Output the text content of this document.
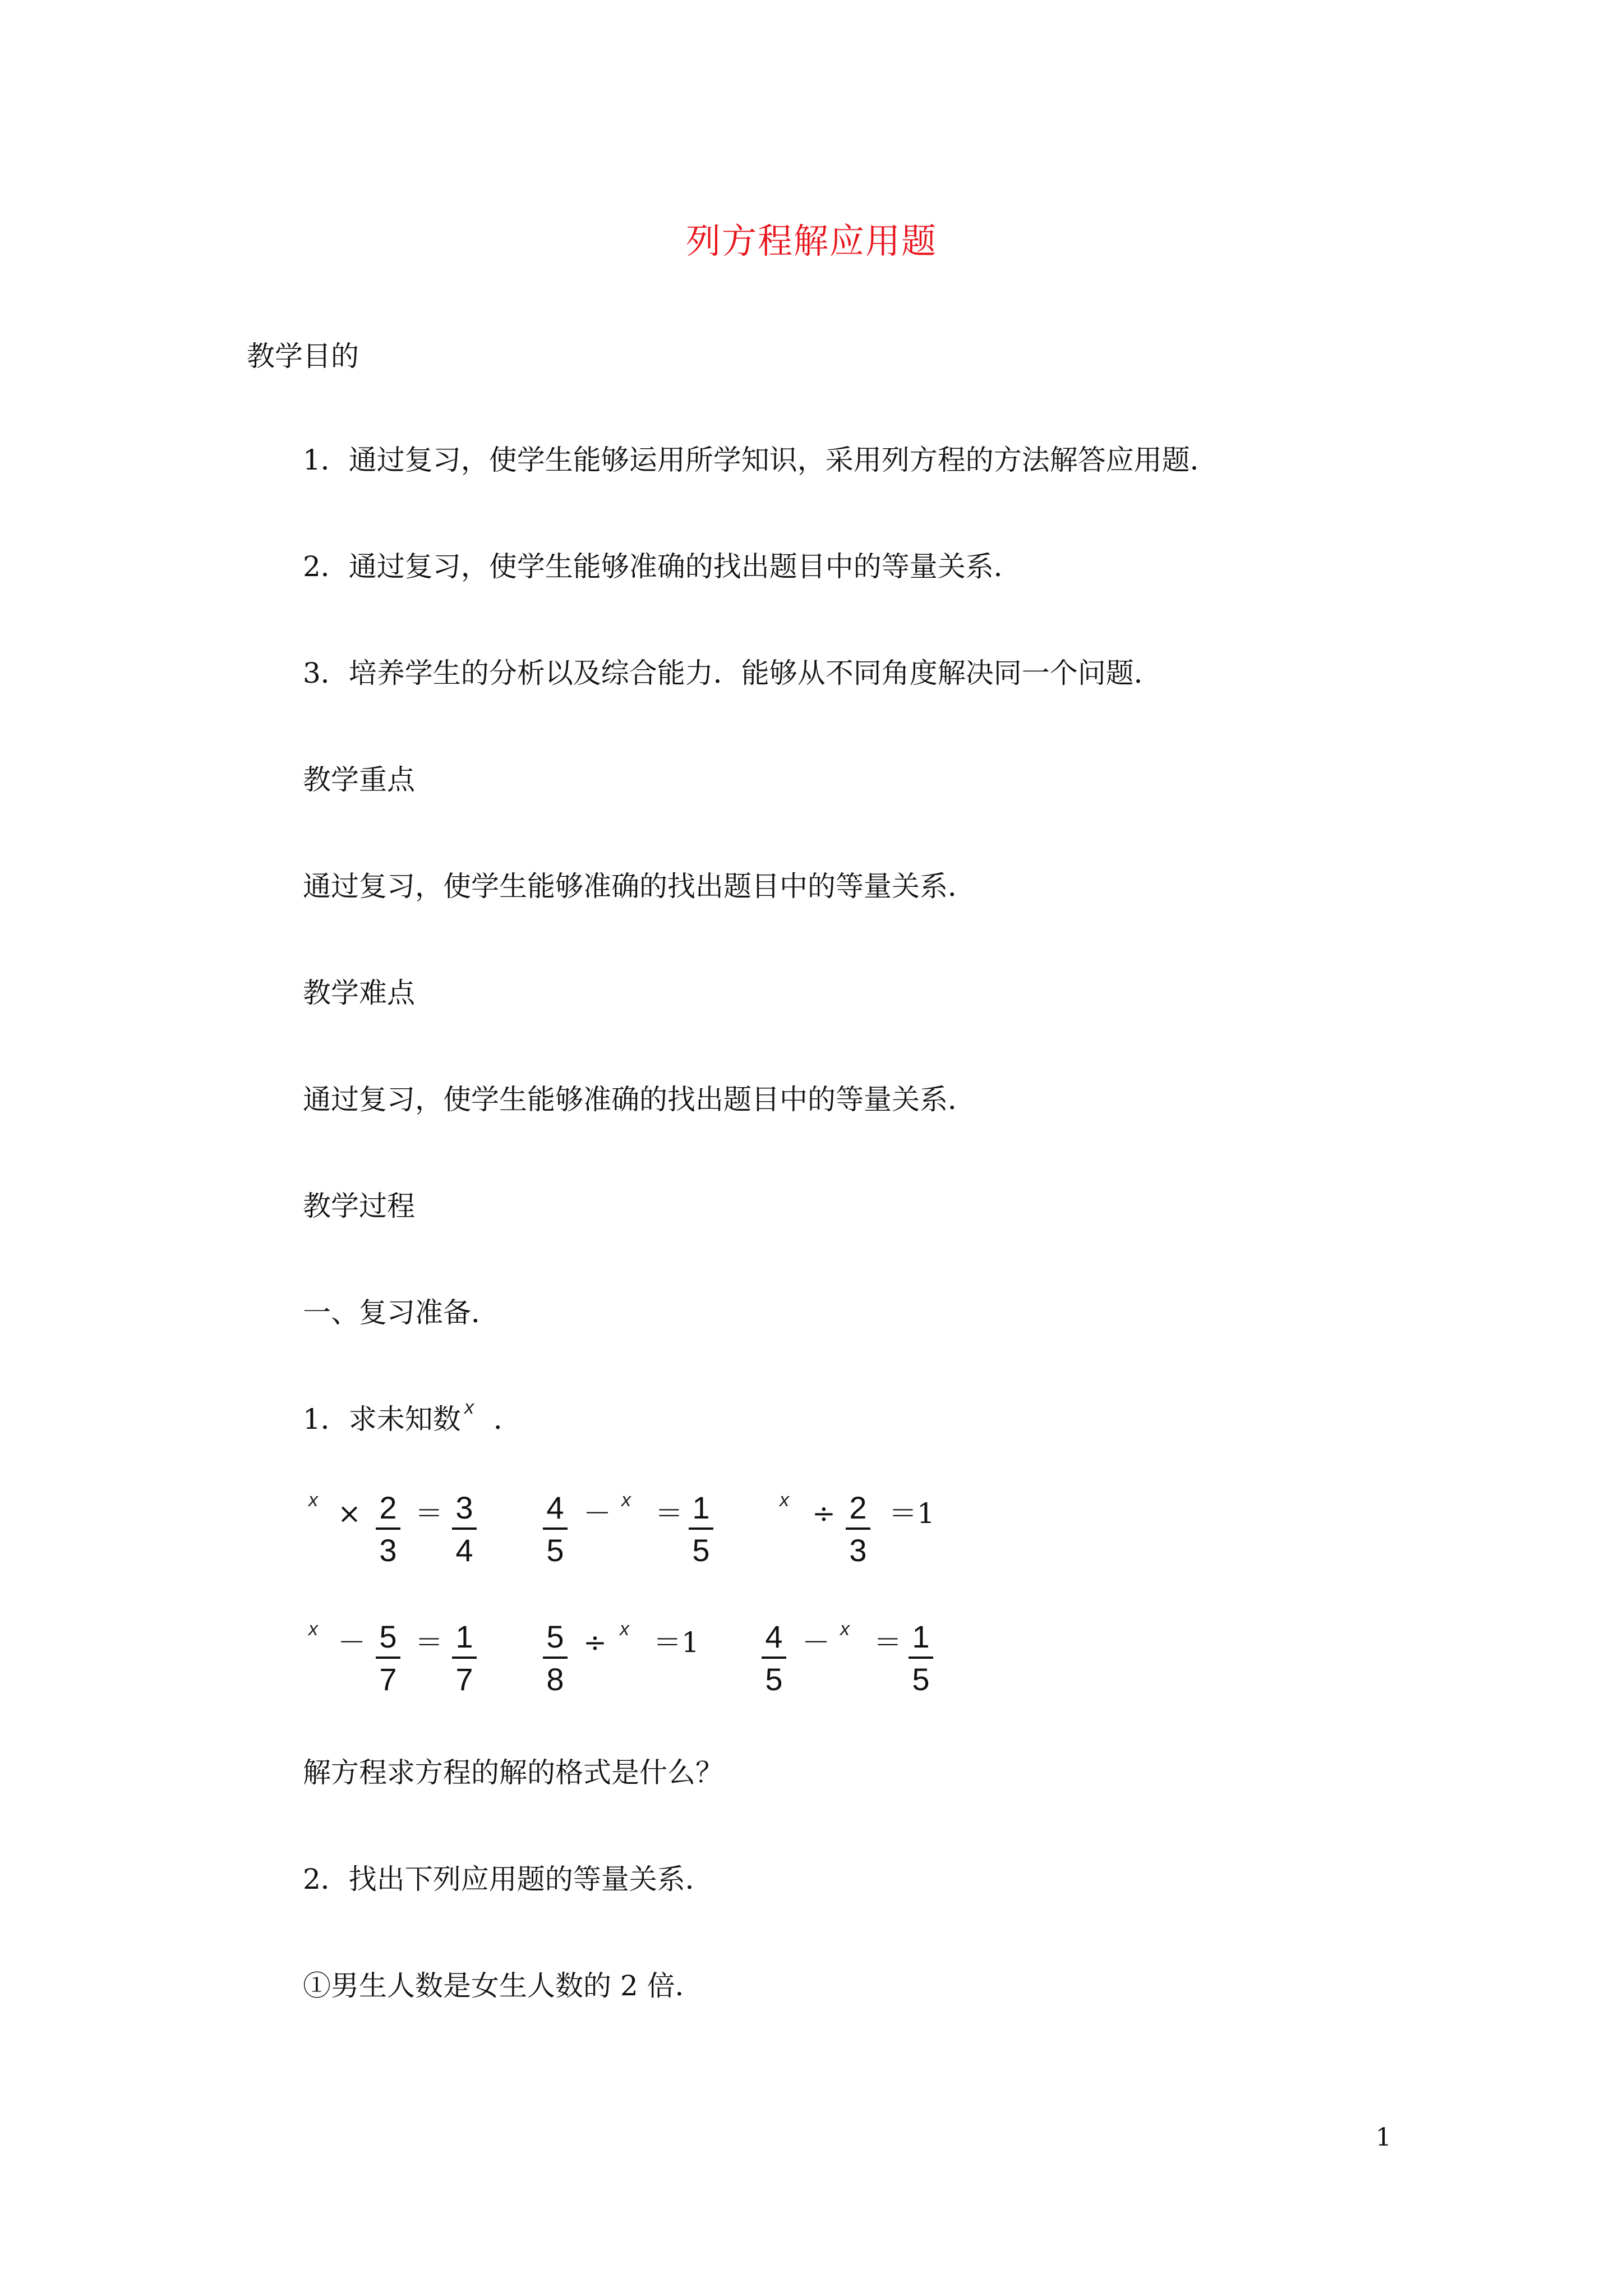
列方程解应用题
教学目的
1．通过复习，使学生能够运用所学知识，采用列方程的方法解答应用题．
2．通过复习，使学生能够准确的找出题目中的等量关系．
3．培养学生的分析以及综合能力．能够从不同角度解决同一个问题．
教学重点
通过复习，使学生能够准确的找出题目中的等量关系．
教学难点
通过复习，使学生能够准确的找出题目中的等量关系．
教学过程
一、复习准备．
1．求未知数 x ．
x × 2
3
＝ 3
4
4
5
－ x ＝ 1
5
x ÷ 2
3
＝1
x － 5
7
＝ 1
7
5
8
÷ x ＝1 4
5
－ x ＝ 1
5
解方程求方程的解的格式是什么？
2．找出下列应用题的等量关系．
①男生人数是女生人数的 2 倍．
1
